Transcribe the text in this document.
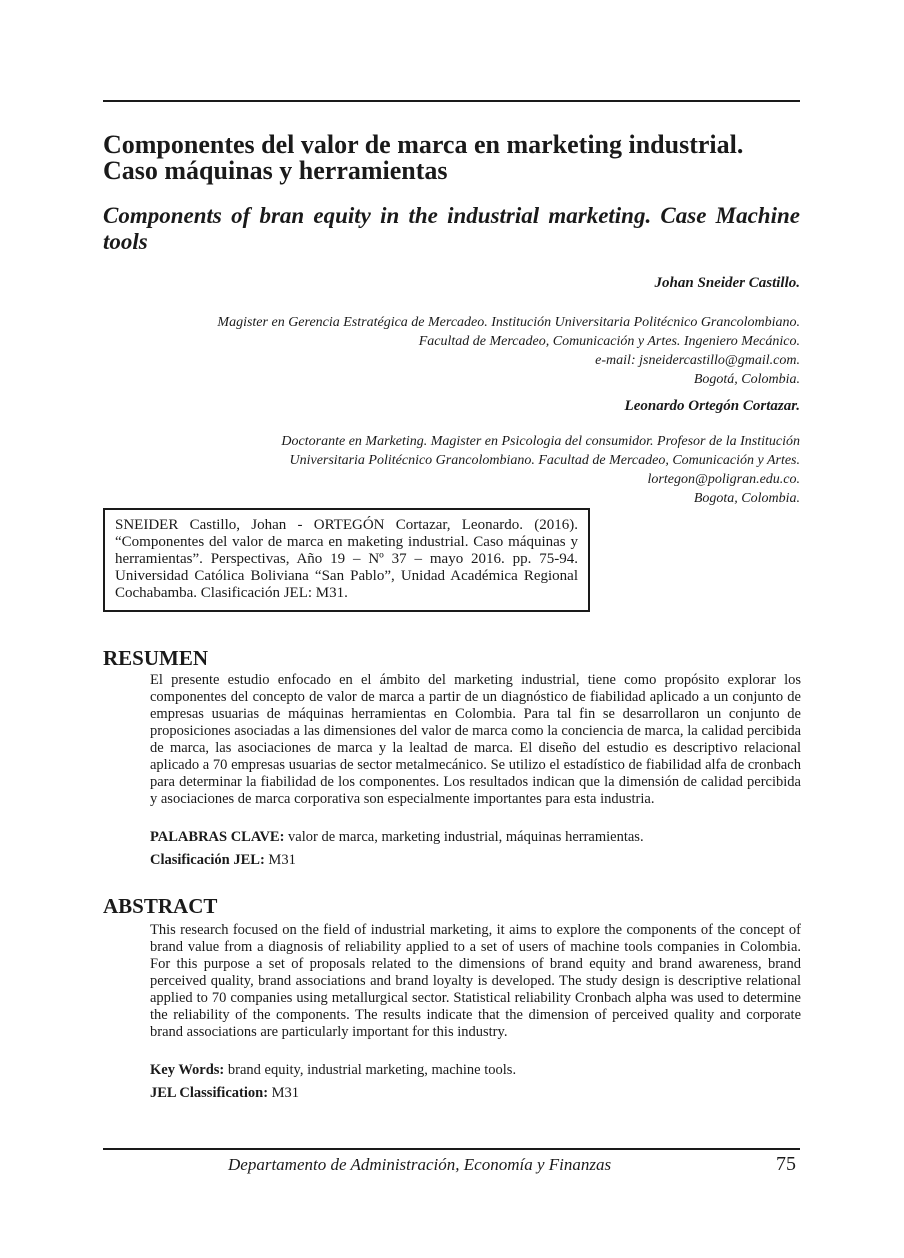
Componentes del valor de marca en marketing industrial. Caso máquinas y herramientas
Components of bran equity in the industrial marketing. Case Machine tools
Johan Sneider Castillo.
Magister en Gerencia Estratégica de Mercadeo. Institución Universitaria Politécnico Grancolombiano.
Facultad de Mercadeo, Comunicación y Artes. Ingeniero Mecánico.
e-mail: jsneidercastillo@gmail.com.
Bogotá, Colombia.
Leonardo Ortegón Cortazar.
Doctorante en Marketing. Magister en Psicologia del consumidor. Profesor de la Institución
Universitaria Politécnico Grancolombiano. Facultad de Mercadeo, Comunicación y Artes.
lortegon@poligran.edu.co.
Bogota, Colombia.
SNEIDER Castillo, Johan - ORTEGÓN Cortazar, Leonardo. (2016). “Componentes del valor de marca en maketing industrial. Caso máquinas y herramientas”. Perspectivas, Año 19 – Nº 37 – mayo 2016. pp. 75-94. Universidad Católica Boliviana “San Pablo”, Unidad Académica Regional Cochabamba. Clasificación JEL: M31.
RESUMEN

El presente estudio enfocado en el ámbito del marketing industrial, tiene como propósito explorar los componentes del concepto de valor de marca a partir de un diagnóstico de fiabilidad aplicado a un conjunto de empresas usuarias de máquinas herramientas en Colombia. Para tal fin se desarrollaron un conjunto de proposiciones asociadas a las dimensiones del valor de marca como la conciencia de marca, la calidad percibida de marca, las asociaciones de marca y la lealtad de marca. El diseño del estudio es descriptivo relacional aplicado a 70 empresas usuarias de sector metalmecánico. Se utilizo el estadístico de fiabilidad alfa de cronbach para determinar la fiabilidad de los componentes. Los resultados indican que la dimensión de calidad percibida y asociaciones de marca corporativa son especialmente importantes para esta industria.

PALABRAS CLAVE: valor de marca, marketing industrial, máquinas herramientas.

Clasificación JEL: M31

ABSTRACT

This research focused on the field of industrial marketing, it aims to explore the components of the concept of brand value from a diagnosis of reliability applied to a set of users of machine tools companies in Colombia. For this purpose a set of proposals related to the dimensions of brand equity and brand awareness, brand perceived quality, brand associations and brand loyalty is developed. The study design is descriptive relational applied to 70 companies using metallurgical sector. Statistical reliability Cronbach alpha was used to determine the reliability of the components. The results indicate that the dimension of perceived quality and corporate brand associations are particularly important for this industry.

Key Words: brand equity, industrial marketing, machine tools.

JEL Classification: M31

Departamento de Administración, Economía y Finanzas	75
